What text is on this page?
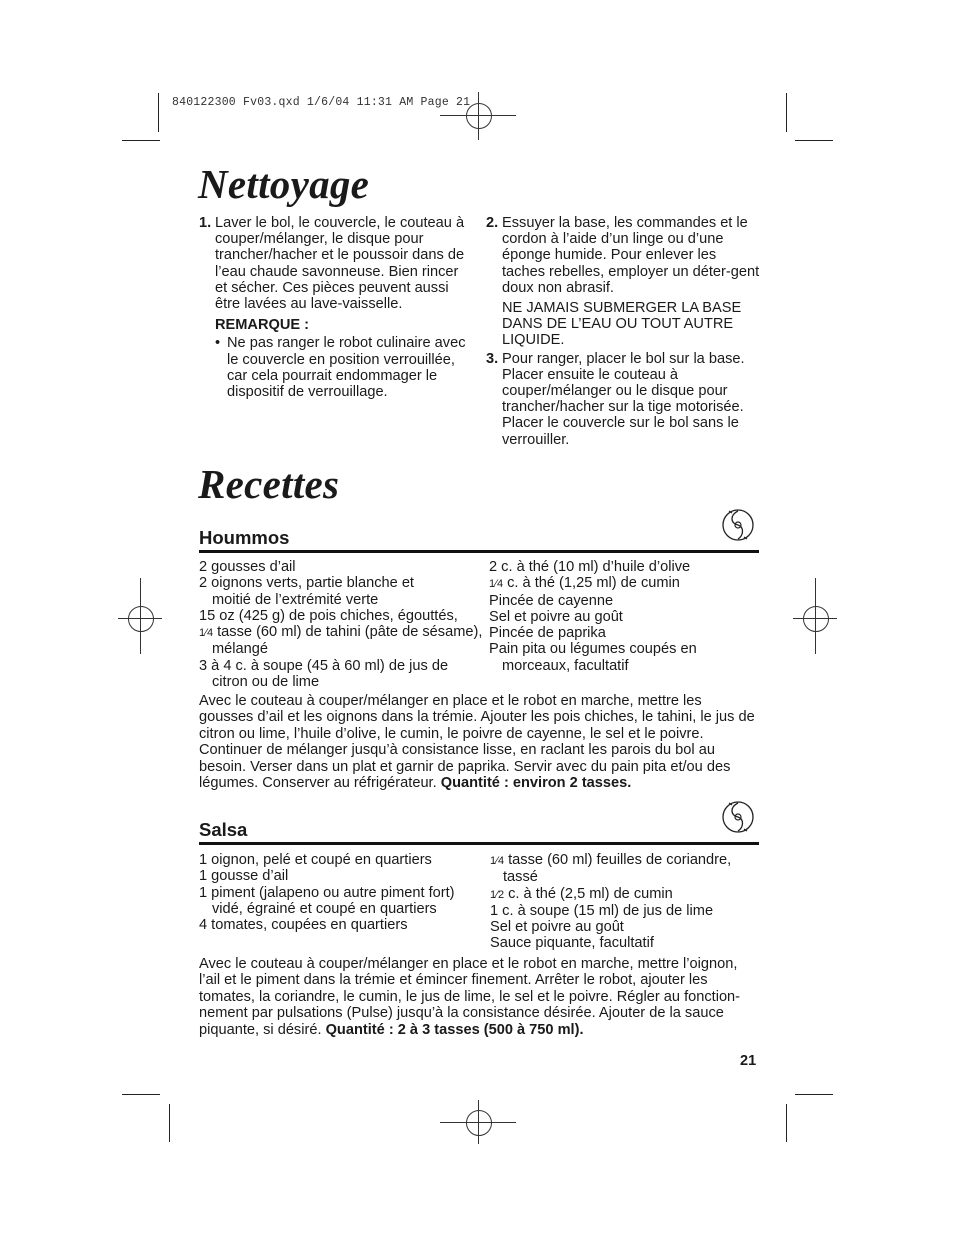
840122300 Fv03.qxd 1/6/04 11:31 AM Page 21
Nettoyage
1. Laver le bol, le couvercle, le couteau à couper/mélanger, le disque pour trancher/hacher et le poussoir dans de l’eau chaude savonneuse. Bien rincer et sécher. Ces pièces peuvent aussi être lavées au lave-vaisselle.
REMARQUE :
• Ne pas ranger le robot culinaire avec le couvercle en position verrouillée, car cela pourrait endommager le dispositif de verrouillage.
2. Essuyer la base, les commandes et le cordon à l’aide d’un linge ou d’une éponge humide. Pour enlever les taches rebelles, employer un déter-gent doux non abrasif.
NE JAMAIS SUBMERGER LA BASE DANS DE L’EAU OU TOUT AUTRE LIQUIDE.
3. Pour ranger, placer le bol sur la base. Placer ensuite le couteau à couper/mélanger ou le disque pour trancher/hacher sur la tige motorisée. Placer le couvercle sur le bol sans le verrouiller.
Recettes
Hoummos
2 gousses d’ail
2 oignons verts, partie blanche et
moitié de l’extrémité verte
15 oz (425 g) de pois chiches, égouttés,
1⁄4 tasse (60 ml) de tahini (pâte de sésame),
mélangé
3 à 4 c. à soupe (45 à 60 ml) de jus de
citron ou de lime
2 c. à thé (10 ml) d’huile d’olive
1⁄4 c. à thé (1,25 ml) de cumin
Pincée de cayenne
Sel et poivre au goût
Pincée de paprika
Pain pita ou légumes coupés en
morceaux, facultatif
Avec le couteau à couper/mélanger en place et le robot en marche, mettre les gousses d’ail et les oignons dans la trémie. Ajouter les pois chiches, le tahini, le jus de citron ou lime, l’huile d’olive, le cumin, le poivre de cayenne, le sel et le poivre. Continuer de mélanger jusqu’à consistance lisse, en raclant les parois du bol au besoin. Verser dans un plat et garnir de paprika. Servir avec du pain pita et/ou des légumes. Conserver au réfrigérateur. Quantité : environ 2 tasses.
Salsa
1 oignon, pelé et coupé en quartiers
1 gousse d’ail
1 piment (jalapeno ou autre piment fort)
vidé, égrainé et coupé en quartiers
4 tomates, coupées en quartiers
1⁄4 tasse (60 ml) feuilles de coriandre,
tassé
1⁄2 c. à thé (2,5 ml) de cumin
1 c. à soupe (15 ml) de jus de lime
Sel et poivre au goût
Sauce piquante, facultatif
Avec le couteau à couper/mélanger en place et le robot en marche, mettre l’oignon, l’ail et le piment dans la trémie et émincer finement. Arrêter le robot, ajouter les tomates, la coriandre, le cumin, le jus de lime, le sel et le poivre. Régler au fonction-nement par pulsations (Pulse) jusqu’à la consistance désirée. Ajouter de la sauce piquante, si désiré. Quantité : 2 à 3 tasses (500 à 750 ml).
21
